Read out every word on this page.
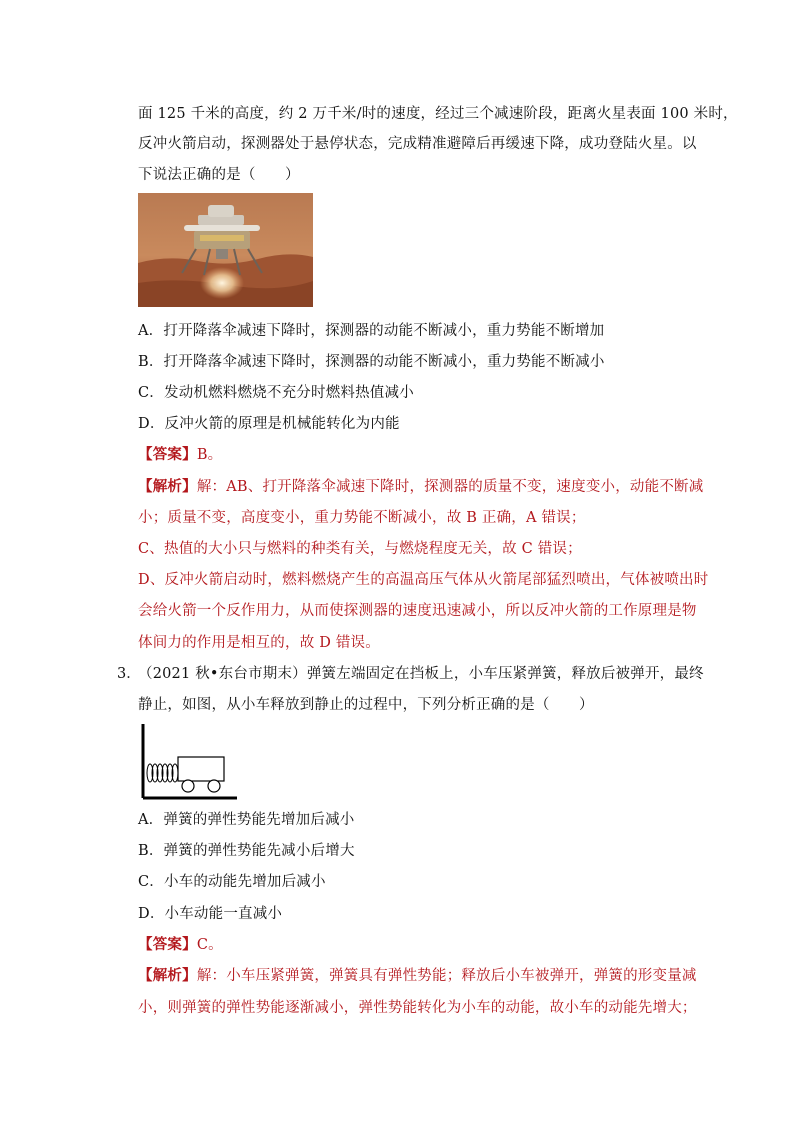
面 125 千米的高度，约 2 万千米/时的速度，经过三个减速阶段，距离火星表面 100 米时，
反冲火箭启动，探测器处于悬停状态，完成精准避障后再缓速下降，成功登陆火星。以
下说法正确的是（　　）
A．打开降落伞减速下降时，探测器的动能不断减小，重力势能不断增加
B．打开降落伞减速下降时，探测器的动能不断减小，重力势能不断减小
C．发动机燃料燃烧不充分时燃料热值减小
D．反冲火箭的原理是机械能转化为内能
【答案】B。
【解析】解：AB、打开降落伞减速下降时，探测器的质量不变，速度变小，动能不断减
小；质量不变，高度变小，重力势能不断减小，故 B 正确，A 错误；
C、热值的大小只与燃料的种类有关，与燃烧程度无关，故 C 错误；
D、反冲火箭启动时，燃料燃烧产生的高温高压气体从火箭尾部猛烈喷出，气体被喷出时
会给火箭一个反作用力，从而使探测器的速度迅速减小，所以反冲火箭的工作原理是物
体间力的作用是相互的，故 D 错误。
3．
（2021 秋•东台市期末）弹簧左端固定在挡板上，小车压紧弹簧，释放后被弹开，最终
静止，如图，从小车释放到静止的过程中，下列分析正确的是（　　）
A．弹簧的弹性势能先增加后减小
B．弹簧的弹性势能先减小后增大
C．小车的动能先增加后减小
D．小车动能一直减小
【答案】C。
【解析】解：小车压紧弹簧，弹簧具有弹性势能；释放后小车被弹开，弹簧的形变量减
小，则弹簧的弹性势能逐渐减小，弹性势能转化为小车的动能，故小车的动能先增大；
